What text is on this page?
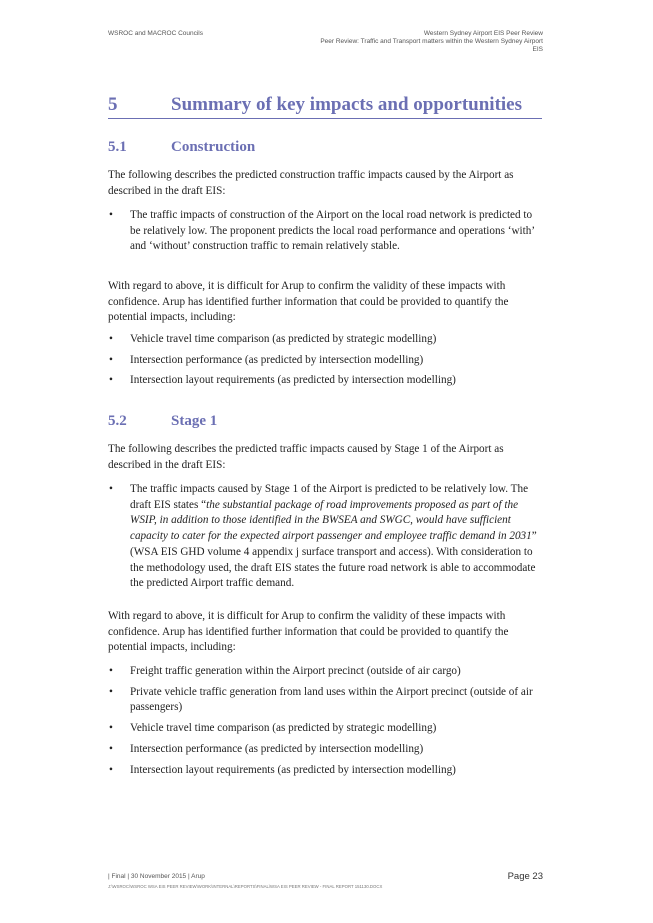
WSROC and MACROC Councils	Western Sydney Airport EIS Peer Review
Peer Review: Traffic and Transport matters within the Western Sydney Airport
EIS
5	Summary of key impacts and opportunities
5.1	Construction

The following describes the predicted construction traffic impacts caused by the Airport as described in the draft EIS:

• The traffic impacts of construction of the Airport on the local road network is predicted to be relatively low. The proponent predicts the local road performance and operations ‘with’ and ‘without’ construction traffic to remain relatively stable.

With regard to above, it is difficult for Arup to confirm the validity of these impacts with confidence. Arup has identified further information that could be provided to quantify the potential impacts, including:

• Vehicle travel time comparison (as predicted by strategic modelling)
• Intersection performance (as predicted by intersection modelling)
• Intersection layout requirements (as predicted by intersection modelling)
5.2	Stage 1

The following describes the predicted traffic impacts caused by Stage 1 of the Airport as described in the draft EIS:

• The traffic impacts caused by Stage 1 of the Airport is predicted to be relatively low. The draft EIS states “the substantial package of road improvements proposed as part of the WSIP, in addition to those identified in the BWSEA and SWGC, would have sufficient capacity to cater for the expected airport passenger and employee traffic demand in 2031” (WSA EIS GHD volume 4 appendix j surface transport and access). With consideration to the methodology used, the draft EIS states the future road network is able to accommodate the predicted Airport traffic demand.

With regard to above, it is difficult for Arup to confirm the validity of these impacts with confidence. Arup has identified further information that could be provided to quantify the potential impacts, including:

• Freight traffic generation within the Airport precinct (outside of air cargo)
• Private vehicle traffic generation from land uses within the Airport precinct (outside of air passengers)
• Vehicle travel time comparison (as predicted by strategic modelling)
• Intersection performance (as predicted by intersection modelling)
• Intersection layout requirements (as predicted by intersection modelling)
| Final | 30 November 2015 | Arup	Page 23
J:\WSROC\WSROC WSA EIS PEER REVIEW\WORK\INTERNAL\REPORTS\FINAL\WSA EIS PEER REVIEW - FINAL REPORT 151130.DOCX
